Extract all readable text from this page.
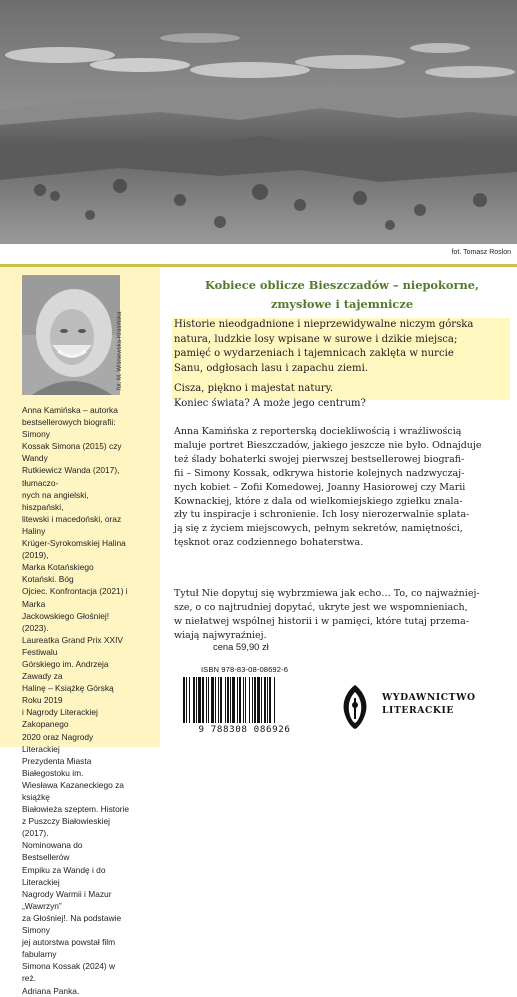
fot. Tomasz Roslon
fot. M. Wiśniewska-Krasińska
Anna Kamińska – autorka
bestsellerowych biografii: Simony
Kossak Simona (2015) czy Wandy
Rutkiewicz Wanda (2017), tłumaczo-
nych na angielski, hiszpański,
litewski i macedoński, oraz Haliny
Krüger-Syrokomskiej Halina (2019),
Marka Kotańskiego Kotański. Bóg
Ojciec. Konfrontacja (2021) i Marka
Jackowskiego Głośniej! (2023).
Laureatka Grand Prix XXIV Festiwalu
Górskiego im. Andrzeja Zawady za
Halinę – Książkę Górską Roku 2019
i Nagrody Literackiej Zakopanego
2020 oraz Nagrody Literackiej
Prezydenta Miasta Białegostoku im.
Wiesława Kazaneckiego za książkę
Białowieża szeptem. Historie
z Puszczy Białowieskiej (2017).
Nominowana do Bestsellerów
Empiku za Wandę i do Literackiej
Nagrody Warmii i Mazur „Wawrzyn”
za Głośniej!. Na podstawie Simony
jej autorstwa powstał film fabularny
Simona Kossak (2024) w reż.
Adriana Panka.
Kobiece oblicze Bieszczadów – niepokorne,
zmysłowe i tajemnicze

Historie nieodgadnione i nieprzewidywalne niczym górska

natura, ludzkie losy wpisane w surowe i dzikie miejsca;

pamięć o wydarzeniach i tajemnicach zaklęta w nurcie

Sanu, odgłosach lasu i zapachu ziemi.

Cisza, piękno i majestat natury.
Koniec świata? A może jego centrum?
Anna Kamińska z reporterską dociekliwością i wrażliwością
maluje portret Bieszczadów, jakiego jeszcze nie było. Odnajduje
też ślady bohaterki swojej pierwszej bestsellerowej biografi-
fii – Simony Kossak, odkrywa historie kolejnych nadzwyczaj-
nych kobiet – Zofii Komedowej, Joanny Hasiorowej czy Marii
Kownackiej, które z dala od wielkomiejskiego zgiełku znala-
zły tu inspiracje i schronienie. Ich losy nierozerwalnie splata-
ją się z życiem miejscowych, pełnym sekretów, namiętności,
tęsknot oraz codziennego bohaterstwa.
Tytuł Nie dopytuj się wybrzmiewa jak echo… To, co najważniej-
sze, o co najtrudniej dopytać, ukryte jest we wspomnieniach,
w niełatwej wspólnej historii i w pamięci, które tutaj przema-
wiają najwyraźniej.
cena 59,90 zł
ISBN 978-83-08-08692-6
9 788308 086926
WYDAWNICTWO
LITERACKIE
